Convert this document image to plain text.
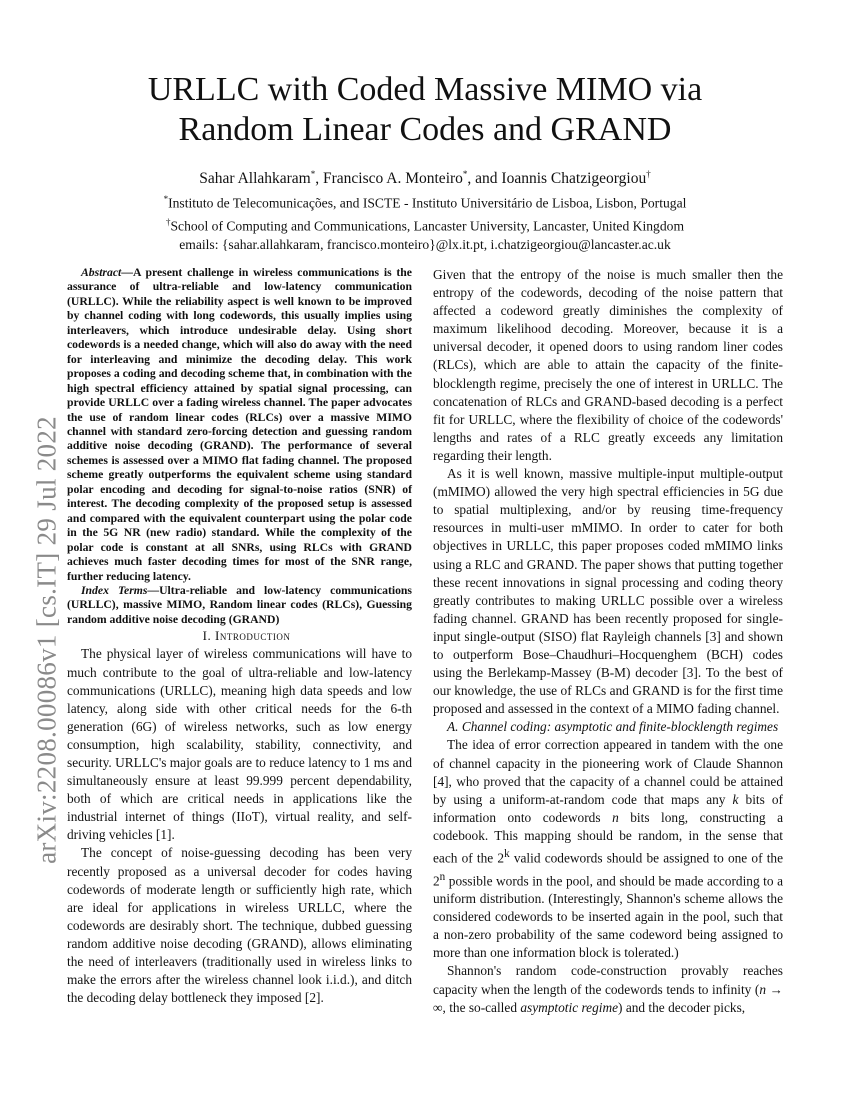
arXiv:2208.00086v1 [cs.IT] 29 Jul 2022
URLLC with Coded Massive MIMO via
Random Linear Codes and GRAND
Sahar Allahkaram*, Francisco A. Monteiro*, and Ioannis Chatzigeorgiou†
*Instituto de Telecomunicações, and ISCTE - Instituto Universitário de Lisboa, Lisbon, Portugal
†School of Computing and Communications, Lancaster University, Lancaster, United Kingdom
emails: {sahar.allahkaram, francisco.monteiro}@lx.it.pt, i.chatzigeorgiou@lancaster.ac.uk

Abstract—A present challenge in wireless communications is the assurance of ultra-reliable and low-latency communication (URLLC). While the reliability aspect is well known to be improved by channel coding with long codewords, this usually implies using interleavers, which introduce undesirable delay. Using short codewords is a needed change, which will also do away with the need for interleaving and minimize the decoding delay. This work proposes a coding and decoding scheme that, in combination with the high spectral efficiency attained by spatial signal processing, can provide URLLC over a fading wireless channel. The paper advocates the use of random linear codes (RLCs) over a massive MIMO channel with standard zero-forcing detection and guessing random additive noise decoding (GRAND). The performance of several schemes is assessed over a MIMO flat fading channel. The proposed scheme greatly outperforms the equivalent scheme using standard polar encoding and decoding for signal-to-noise ratios (SNR) of interest. The decoding complexity of the proposed setup is assessed and compared with the equivalent counterpart using the polar code in the 5G NR (new radio) standard. While the complexity of the polar code is constant at all SNRs, using RLCs with GRAND achieves much faster decoding times for most of the SNR range, further reducing latency.

Index Terms—Ultra-reliable and low-latency communications (URLLC), massive MIMO, Random linear codes (RLCs), Guessing random additive noise decoding (GRAND)

I. Introduction

The physical layer of wireless communications will have to much contribute to the goal of ultra-reliable and low-latency communications (URLLC), meaning high data speeds and low latency, along side with other critical needs for the 6-th generation (6G) of wireless networks, such as low energy consumption, high scalability, stability, connectivity, and security. URLLC's major goals are to reduce latency to 1 ms and simultaneously ensure at least 99.999 percent dependability, both of which are critical needs in applications like the industrial internet of things (IIoT), virtual reality, and self-driving vehicles [1].

The concept of noise-guessing decoding has been very recently proposed as a universal decoder for codes having codewords of moderate length or sufficiently high rate, which are ideal for applications in wireless URLLC, where the codewords are desirably short. The technique, dubbed guessing random additive noise decoding (GRAND), allows eliminating the need of interleavers (traditionally used in wireless links to make the errors after the wireless channel look i.i.d.), and ditch the decoding delay bottleneck they imposed [2].

Given that the entropy of the noise is much smaller then the entropy of the codewords, decoding of the noise pattern that affected a codeword greatly diminishes the complexity of maximum likelihood decoding. Moreover, because it is a universal decoder, it opened doors to using random liner codes (RLCs), which are able to attain the capacity of the finite-blocklength regime, precisely the one of interest in URLLC. The concatenation of RLCs and GRAND-based decoding is a perfect fit for URLLC, where the flexibility of choice of the codewords' lengths and rates of a RLC greatly exceeds any limitation regarding their length.

As it is well known, massive multiple-input multiple-output (mMIMO) allowed the very high spectral efficiencies in 5G due to spatial multiplexing, and/or by reusing time-frequency resources in multi-user mMIMO. In order to cater for both objectives in URLLC, this paper proposes coded mMIMO links using a RLC and GRAND. The paper shows that putting together these recent innovations in signal processing and coding theory greatly contributes to making URLLC possible over a wireless fading channel. GRAND has been recently proposed for single-input single-output (SISO) flat Rayleigh channels [3] and shown to outperform Bose–Chaudhuri–Hocquenghem (BCH) codes using the Berlekamp-Massey (B-M) decoder [3]. To the best of our knowledge, the use of RLCs and GRAND is for the first time proposed and assessed in the context of a MIMO fading channel.

A. Channel coding: asymptotic and finite-blocklength regimes

The idea of error correction appeared in tandem with the one of channel capacity in the pioneering work of Claude Shannon [4], who proved that the capacity of a channel could be attained by using a uniform-at-random code that maps any k bits of information onto codewords n bits long, constructing a codebook. This mapping should be random, in the sense that each of the 2$^k$ valid codewords should be assigned to one of the 2$^n$ possible words in the pool, and should be made according to a uniform distribution. (Interestingly, Shannon's scheme allows the considered codewords to be inserted again in the pool, such that a non-zero probability of the same codeword being assigned to more than one information block is tolerated.)

Shannon's random code-construction provably reaches capacity when the length of the codewords tends to infinity (n → ∞, the so-called asymptotic regime) and the decoder picks,
